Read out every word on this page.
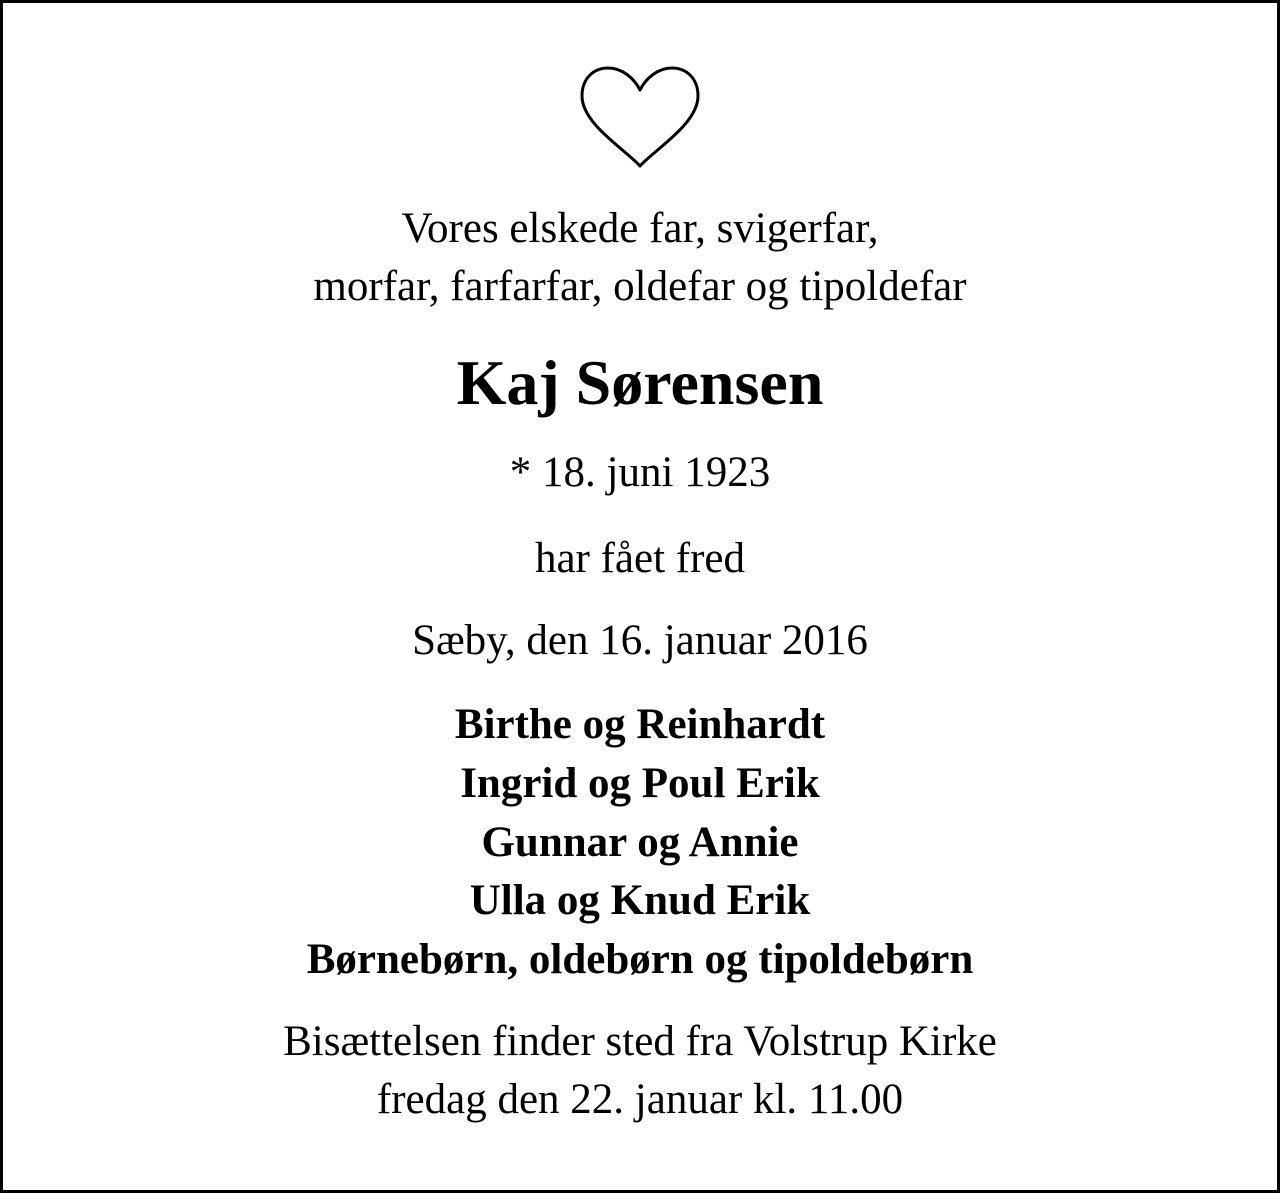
Vores elskede far, svigerfar,
morfar, farfarfar, oldefar og tipoldefar
Kaj Sørensen
* 18. juni 1923
har fået fred
Sæby, den 16. januar 2016
Birthe og Reinhardt
Ingrid og Poul Erik
Gunnar og Annie
Ulla og Knud Erik
Børnebørn, oldebørn og tipoldebørn
Bisættelsen finder sted fra Volstrup Kirke
fredag den 22. januar kl. 11.00
